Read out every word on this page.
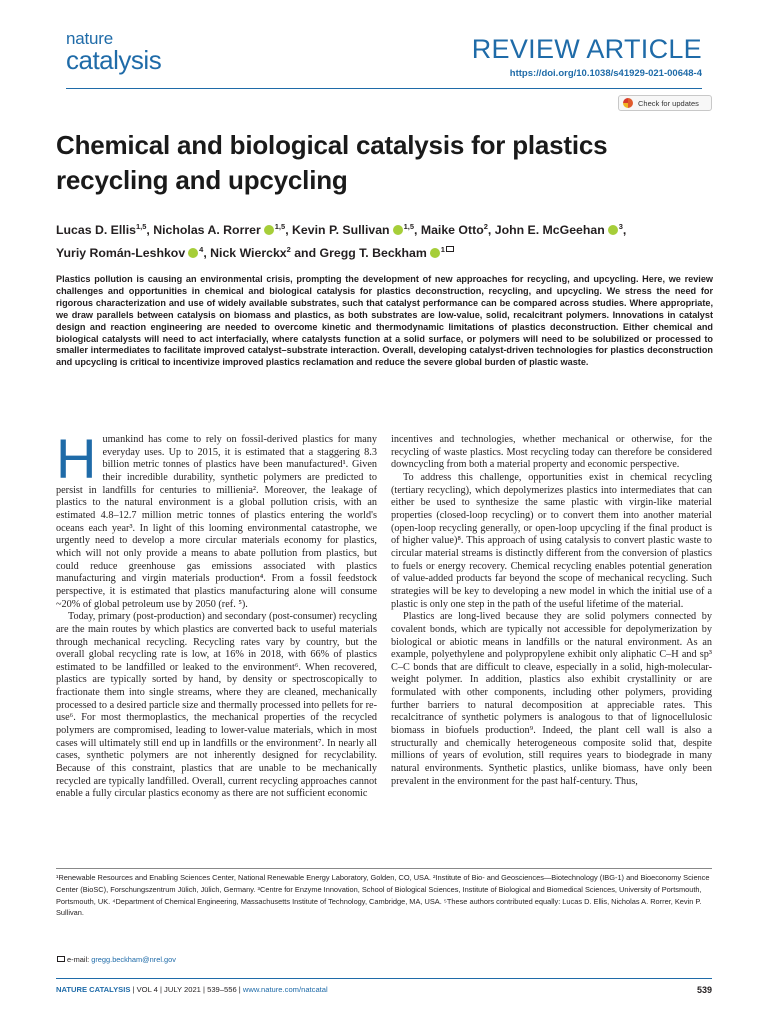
nature
catalysis	REVIEW ARTICLE
https://doi.org/10.1038/s41929-021-00648-4
Check for updates
Chemical and biological catalysis for plastics recycling and upcycling
Lucas D. Ellis$^{1,5}$, Nicholas A. Rorrer $^{1,5}$, Kevin P. Sullivan $^{1,5}$, Maike Otto$^2$, John E. McGeehan $^3$,
Yuriy Román-Leshkov $^4$, Nick Wierckx$^2$ and Gregg T. Beckham $^1$
Plastics pollution is causing an environmental crisis, prompting the development of new approaches for recycling, and upcycling. Here, we review challenges and opportunities in chemical and biological catalysis for plastics deconstruction, recycling, and upcycling. We stress the need for rigorous characterization and use of widely available substrates, such that catalyst performance can be compared across studies. Where appropriate, we draw parallels between catalysis on biomass and plastics, as both substrates are low-value, solid, recalcitrant polymers. Innovations in catalyst design and reaction engineering are needed to overcome kinetic and thermodynamic limitations of plastics deconstruction. Either chemical and biological catalysts will need to act interfacially, where catalysts function at a solid surface, or polymers will need to be solubilized or processed to smaller intermediates to facilitate improved catalyst–substrate interaction. Overall, developing catalyst-driven technologies for plastics deconstruction and upcycling is critical to incentivize improved plastics reclamation and reduce the severe global burden of plastic waste.

Humankind has come to rely on fossil-derived plastics for many everyday uses. Up to 2015, it is estimated that a staggering 8.3 billion metric tonnes of plastics have been manufactured¹. Given their incredible durability, synthetic polymers are predicted to persist in landfills for centuries to millienia². Moreover, the leakage of plastics to the natural environment is a global pollution crisis, with an estimated 4.8–12.7 million metric tonnes of plastics entering the world's oceans each year³. In light of this looming environmental catastrophe, we urgently need to develop a more circular materials economy for plastics, which will not only provide a means to abate pollution from plastics, but could reduce greenhouse gas emissions associated with plastics manufacturing and virgin materials production⁴. From a fossil feedstock perspective, it is estimated that plastics manufacturing alone will consume ~20% of global petroleum use by 2050 (ref. ⁵).

Today, primary (post-production) and secondary (post-consumer) recycling are the main routes by which plastics are converted back to useful materials through mechanical recycling. Recycling rates vary by country, but the overall global recycling rate is low, at 16% in 2018, with 66% of plastics estimated to be landfilled or leaked to the environment⁶. When recovered, plastics are typically sorted by hand, by density or spectroscopically to fractionate them into single streams, where they are cleaned, mechanically processed to a desired particle size and thermally processed into pellets for re-use⁶. For most thermoplastics, the mechanical properties of the recycled polymers are compromised, leading to lower-value materials, which in most cases will ultimately still end up in landfills or the environment⁷. In nearly all cases, synthetic polymers are not inherently designed for recyclability. Because of this constraint, plastics that are unable to be mechanically recycled are typically landfilled. Overall, current recycling approaches cannot enable a fully circular plastics economy as there are not sufficient economic

incentives and technologies, whether mechanical or otherwise, for the recycling of waste plastics. Most recycling today can therefore be considered downcycling from both a material property and economic perspective.

To address this challenge, opportunities exist in chemical recycling (tertiary recycling), which depolymerizes plastics into intermediates that can either be used to synthesize the same plastic with virgin-like material properties (closed-loop recycling) or to convert them into another material (open-loop recycling generally, or open-loop upcycling if the final product is of higher value)⁸. This approach of using catalysis to convert plastic waste to circular material streams is distinctly different from the conversion of plastics to fuels or energy recovery. Chemical recycling enables potential generation of value-added products far beyond the scope of mechanical recycling. Such strategies will be key to developing a new model in which the initial use of a plastic is only one step in the path of the useful lifetime of the material.

Plastics are long-lived because they are solid polymers connected by covalent bonds, which are typically not accessible for depolymerization by biological or abiotic means in landfills or the natural environment. As an example, polyethylene and polypropylene exhibit only aliphatic C–H and sp³ C–C bonds that are difficult to cleave, especially in a solid, high-molecular-weight polymer. In addition, plastics also exhibit crystallinity or are formulated with other components, including other polymers, providing further barriers to natural decomposition at appreciable rates. This recalcitrance of synthetic polymers is analogous to that of lignocellulosic biomass in biofuels production⁹. Indeed, the plant cell wall is also a structurally and chemically heterogeneous composite solid that, despite millions of years of evolution, still requires years to biodegrade in many natural environments. Synthetic plastics, unlike biomass, have only been prevalent in the environment for the past half-century. Thus,

¹Renewable Resources and Enabling Sciences Center, National Renewable Energy Laboratory, Golden, CO, USA. ²Institute of Bio- and Geosciences—Biotechnology (IBG-1) and Bioeconomy Science Center (BioSC), Forschungszentrum Jülich, Jülich, Germany. ³Centre for Enzyme Innovation, School of Biological Sciences, Institute of Biological and Biomedical Sciences, University of Portsmouth, Portsmouth, UK. ⁴Department of Chemical Engineering, Massachusetts Institute of Technology, Cambridge, MA, USA. ⁵These authors contributed equally: Lucas D. Ellis, Nicholas A. Rorrer, Kevin P. Sullivan.
e-mail: gregg.beckham@nrel.gov
NATURE CATALYSIS | VOL 4 | JULY 2021 | 539–556 | www.nature.com/natcatal	539
